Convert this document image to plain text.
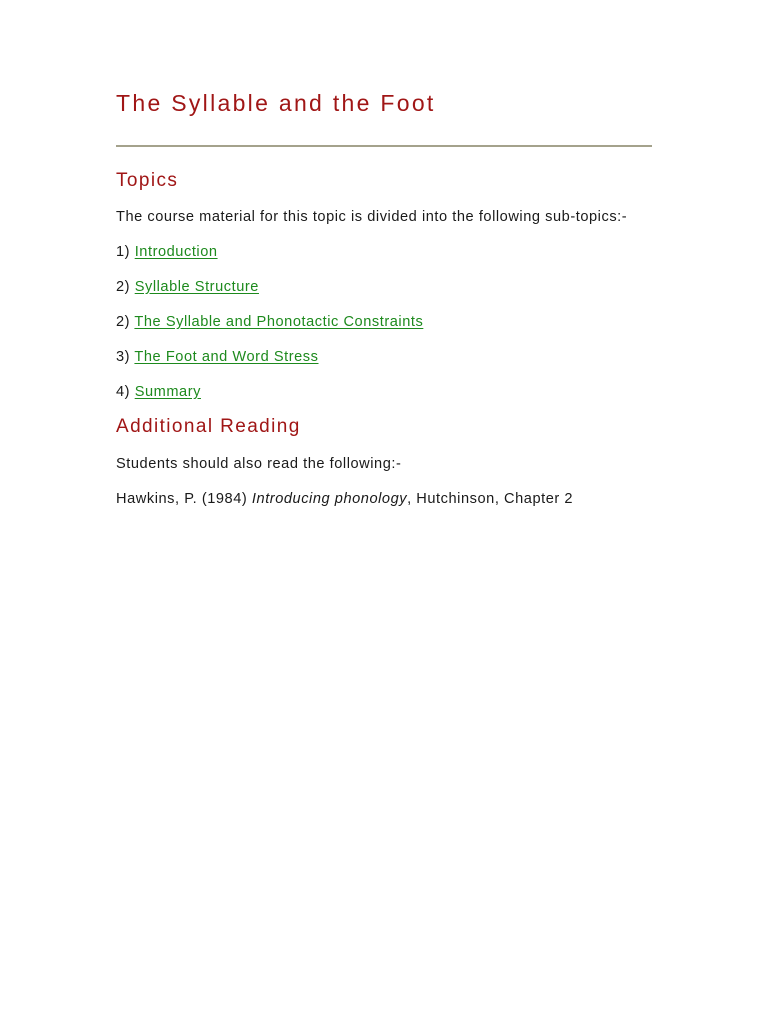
The Syllable and the Foot
Topics

The course material for this topic is divided into the following sub-topics:-

1) Introduction

2) Syllable Structure

2) The Syllable and Phonotactic Constraints

3) The Foot and Word Stress

4) Summary

Additional Reading

Students should also read the following:-

Hawkins, P. (1984) Introducing phonology, Hutchinson, Chapter 2
